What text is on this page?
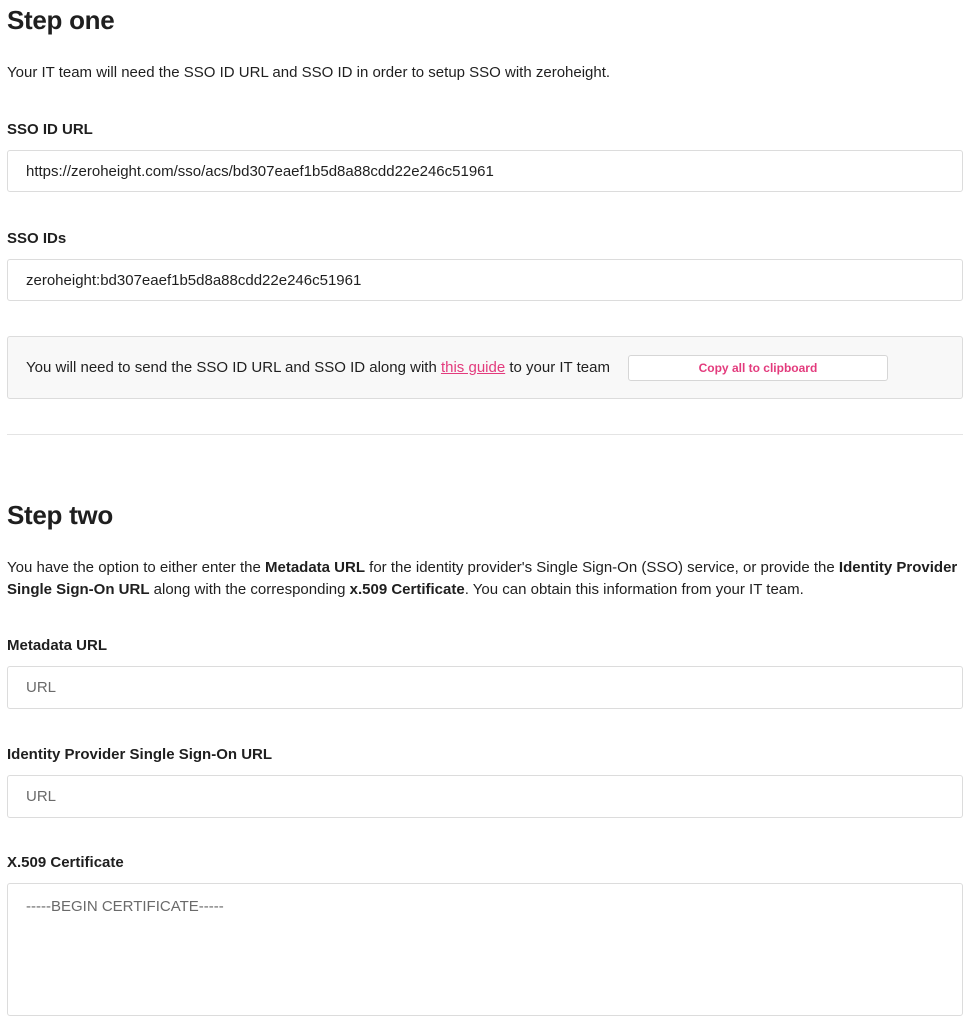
Step one

Your IT team will need the SSO ID URL and SSO ID in order to setup SSO with zeroheight.

SSO ID URL

https://zeroheight.com/sso/acs/bd307eaef1b5d8a88cdd22e246c51961

SSO IDs

zeroheight:bd307eaef1b5d8a88cdd22e246c51961
You will need to send the SSO ID URL and SSO ID along with this guide to your IT team	Copy all to clipboard
Step two

You have the option to either enter the Metadata URL for the identity provider's Single Sign-On (SSO) service, or provide the Identity Provider Single Sign-On URL along with the corresponding x.509 Certificate. You can obtain this information from your IT team.

Metadata URL

URL

Identity Provider Single Sign-On URL

URL

X.509 Certificate

-----BEGIN CERTIFICATE-----
